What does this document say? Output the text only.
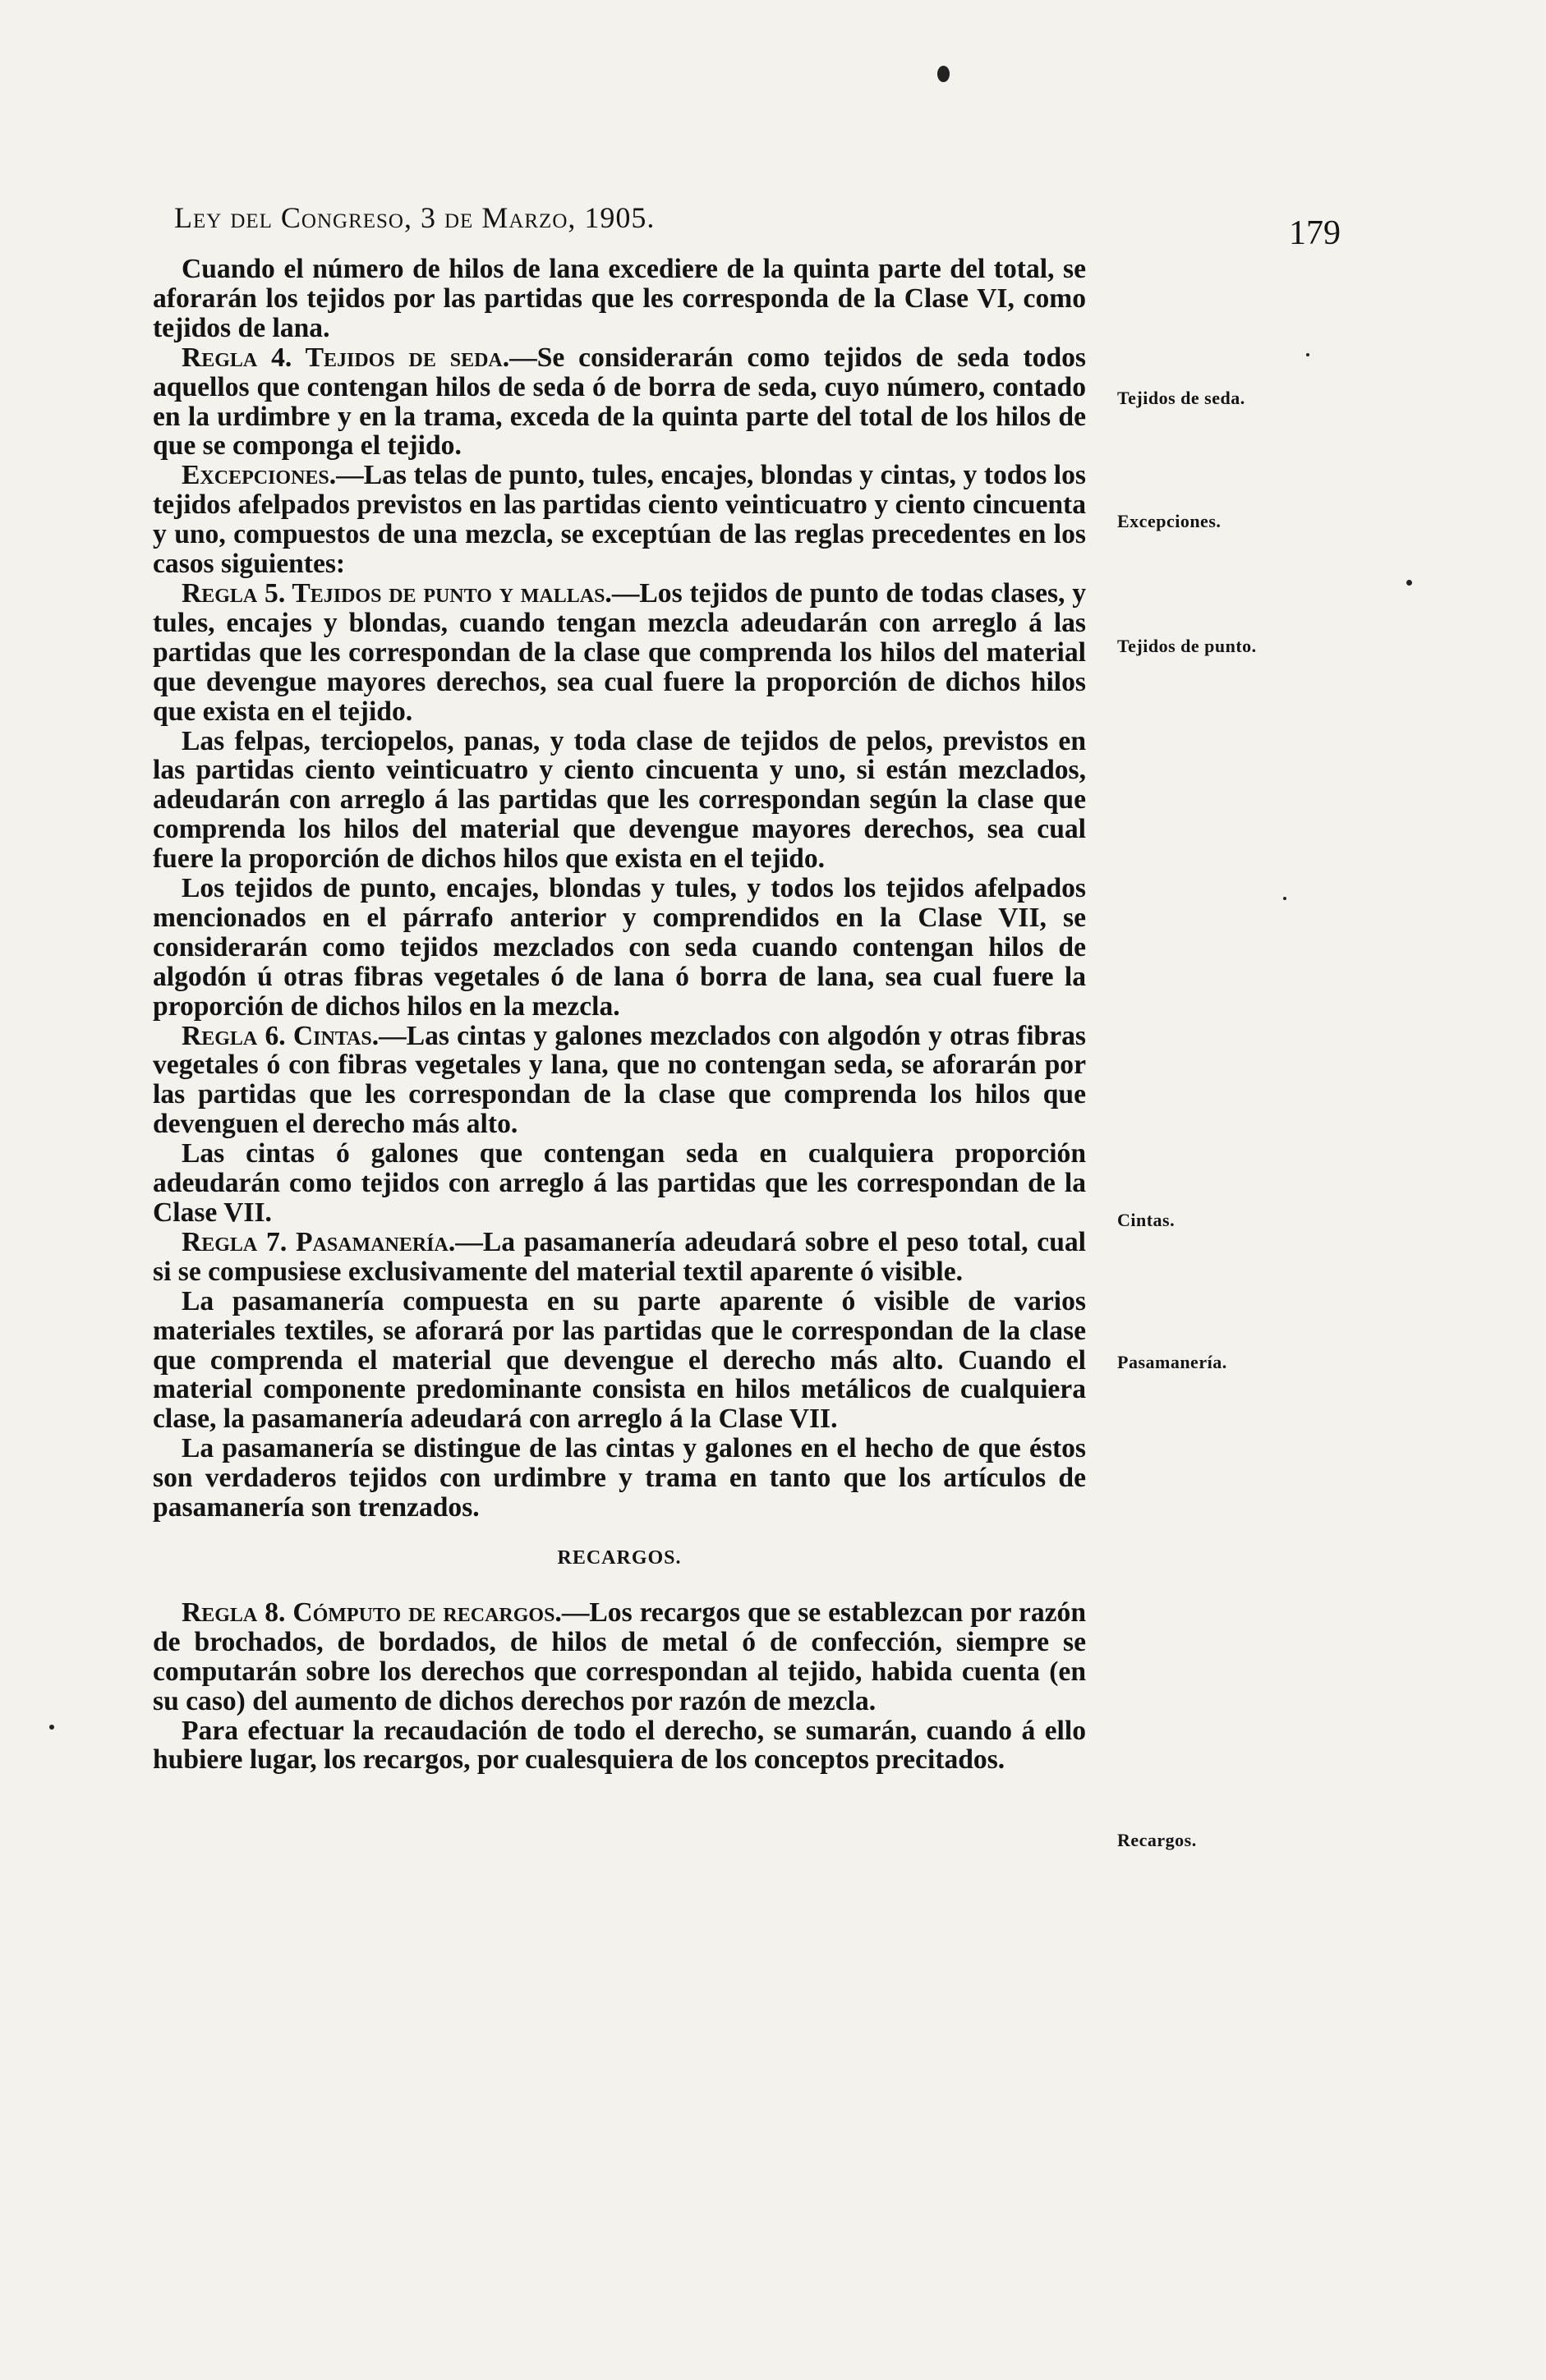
Ley del Congreso, 3 de Marzo, 1905.	179

Cuando el número de hilos de lana excediere de la quinta parte del total, se aforarán los tejidos por las partidas que les corresponda de la Clase VI, como tejidos de lana.

Regla 4. Tejidos de seda.—Se considerarán como tejidos de seda todos aquellos que contengan hilos de seda ó de borra de seda, cuyo número, contado en la urdimbre y en la trama, exceda de la quinta parte del total de los hilos de que se componga el tejido.

Excepciones.—Las telas de punto, tules, encajes, blondas y cintas, y todos los tejidos afelpados previstos en las partidas ciento veinticuatro y ciento cincuenta y uno, compuestos de una mezcla, se exceptúan de las reglas precedentes en los casos siguientes:

Regla 5. Tejidos de punto y mallas.—Los tejidos de punto de todas clases, y tules, encajes y blondas, cuando tengan mezcla adeudarán con arreglo á las partidas que les correspondan de la clase que comprenda los hilos del material que devengue mayores derechos, sea cual fuere la proporción de dichos hilos que exista en el tejido.

Las felpas, terciopelos, panas, y toda clase de tejidos de pelos, previstos en las partidas ciento veinticuatro y ciento cincuenta y uno, si están mezclados, adeudarán con arreglo á las partidas que les correspondan según la clase que comprenda los hilos del material que devengue mayores derechos, sea cual fuere la proporción de dichos hilos que exista en el tejido.

Los tejidos de punto, encajes, blondas y tules, y todos los tejidos afelpados mencionados en el párrafo anterior y comprendidos en la Clase VII, se considerarán como tejidos mezclados con seda cuando contengan hilos de algodón ú otras fibras vegetales ó de lana ó borra de lana, sea cual fuere la proporción de dichos hilos en la mezcla.

Regla 6. Cintas.—Las cintas y galones mezclados con algodón y otras fibras vegetales ó con fibras vegetales y lana, que no contengan seda, se aforarán por las partidas que les correspondan de la clase que comprenda los hilos que devenguen el derecho más alto.

Las cintas ó galones que contengan seda en cualquiera proporción adeudarán como tejidos con arreglo á las partidas que les correspondan de la Clase VII.

Regla 7. Pasamanería.—La pasamanería adeudará sobre el peso total, cual si se compusiese exclusivamente del material textil aparente ó visible.

La pasamanería compuesta en su parte aparente ó visible de varios materiales textiles, se aforará por las partidas que le correspondan de la clase que comprenda el material que devengue el derecho más alto. Cuando el material componente predominante consista en hilos metálicos de cualquiera clase, la pasamanería adeudará con arreglo á la Clase VII.

La pasamanería se distingue de las cintas y galones en el hecho de que éstos son verdaderos tejidos con urdimbre y trama en tanto que los artículos de pasamanería son trenzados.

RECARGOS.

Regla 8. Cómputo de recargos.—Los recargos que se establezcan por razón de brochados, de bordados, de hilos de metal ó de confección, siempre se computarán sobre los derechos que correspondan al tejido, habida cuenta (en su caso) del aumento de dichos derechos por razón de mezcla.

Para efectuar la recaudación de todo el derecho, se sumarán, cuando á ello hubiere lugar, los recargos, por cualesquiera de los conceptos precitados.

Tejidos de seda.
Excepciones.
Tejidos de punto.
Cintas.
Pasamanería.
Recargos.
